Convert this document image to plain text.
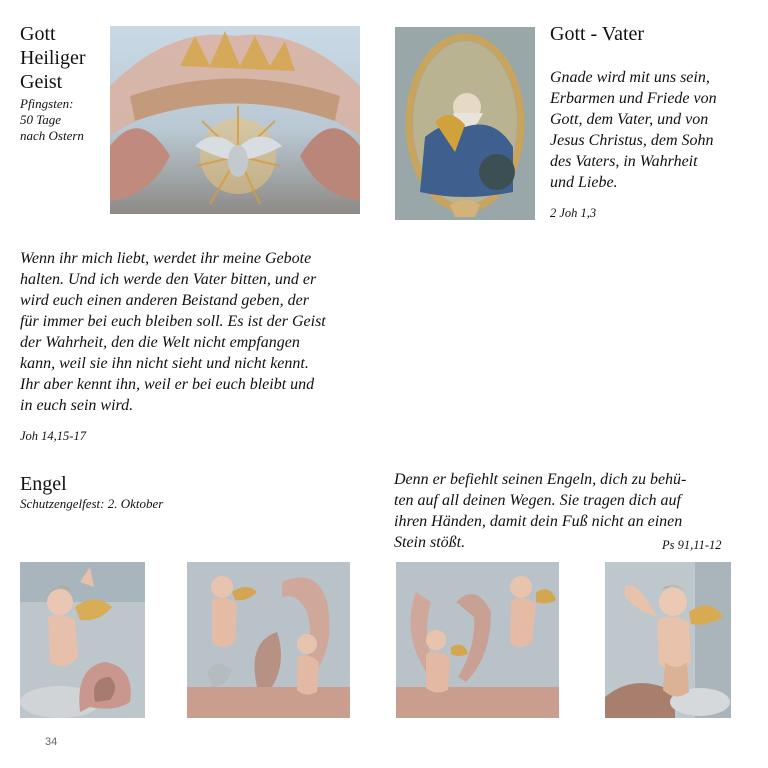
Gott
Heiliger
Geist
Pfingsten:
50 Tage
nach Ostern
Gott - Vater
Gnade wird mit uns sein,
Erbarmen und Friede von
Gott, dem Vater, und von
Jesus Christus, dem Sohn
des Vaters, in Wahrheit
und Liebe.
2 Joh 1,3
Wenn ihr mich liebt, werdet ihr meine Gebote
halten. Und ich werde den Vater bitten, und er
wird euch einen anderen Beistand geben, der
für immer bei euch bleiben soll. Es ist der Geist
der Wahrheit, den die Welt nicht empfangen
kann, weil sie ihn nicht sieht und nicht kennt.
Ihr aber kennt ihn, weil er bei euch bleibt und
in euch sein wird.
Joh 14,15-17
Engel
Schutzengelfest: 2. Oktober
Denn er befiehlt seinen Engeln, dich zu behü-
ten auf all deinen Wegen. Sie tragen dich auf
ihren Händen, damit dein Fuß nicht an einen
Stein stößt.	Ps 91,11-12
34
